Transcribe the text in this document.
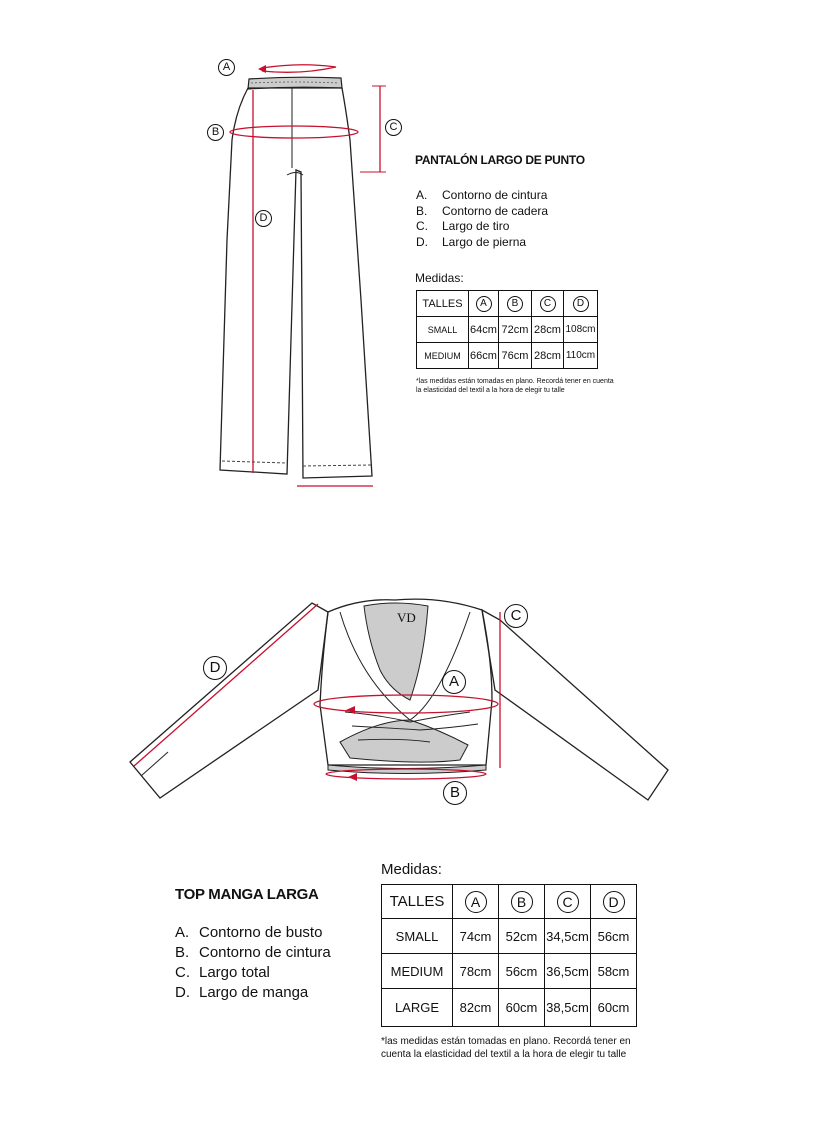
A
B	C
D
A
B
C
D
VD
PANTALÓN LARGO DE PUNTO
A.	Contorno de cintura
B.	Contorno de cadera
C.	Largo de tiro
D.	Largo de pierna
Medidas:
TALLES	A	B	C	D
SMALL	64cm	72cm	28cm	108cm
MEDIUM	66cm	76cm	28cm	110cm
*las medidas están tomadas en plano. Recordá tener en cuenta
la elasticidad del textil a la hora de elegir tu talle
TOP MANGA LARGA
A. Contorno de busto
B. Contorno de cintura
C. Largo total
D. Largo de manga
Medidas:
TALLES	A	B	C	D
SMALL	74cm	52cm	34,5cm	56cm
MEDIUM	78cm	56cm	36,5cm	58cm
LARGE	82cm	60cm	38,5cm	60cm
*las medidas están tomadas en plano. Recordá tener en
cuenta la elasticidad del textil a la hora de elegir tu talle
